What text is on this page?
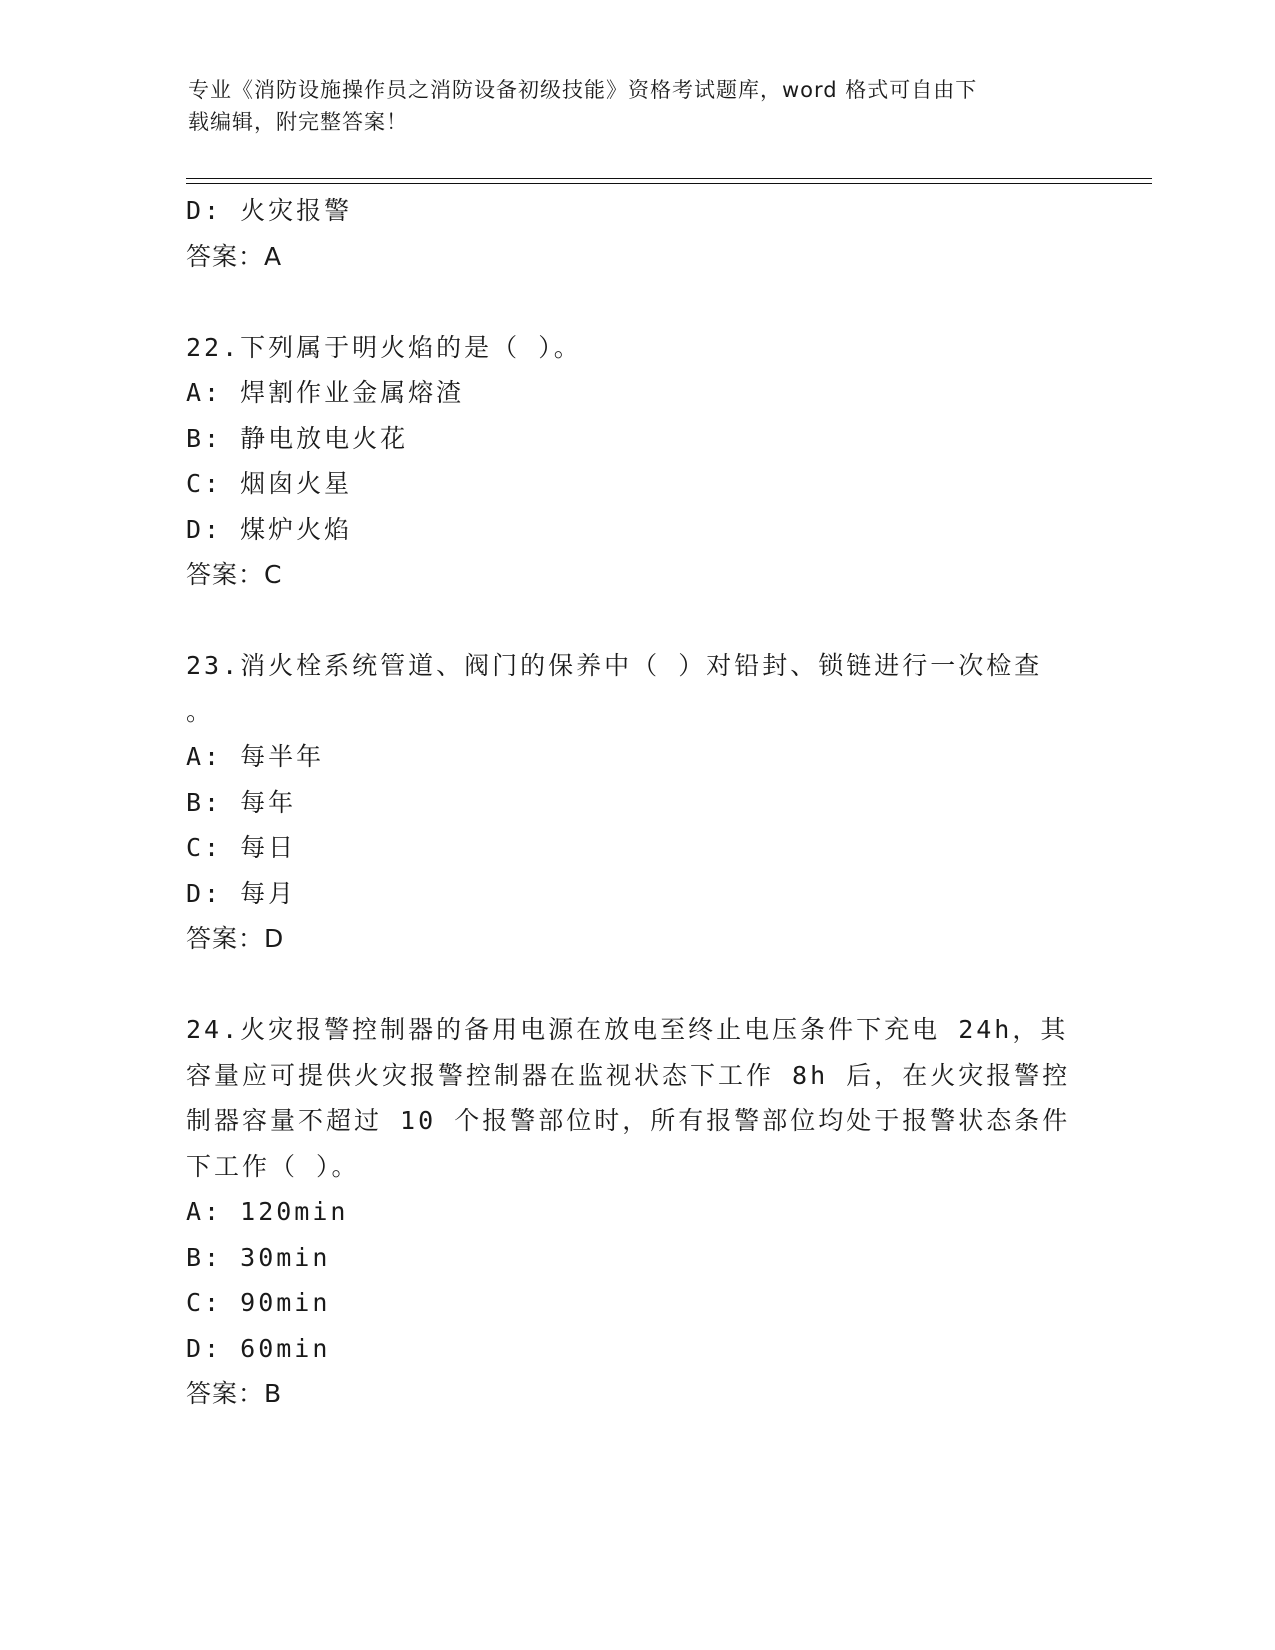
专业《消防设施操作员之消防设备初级技能》资格考试题库，word 格式可自由下
载编辑，附完整答案！
D: 火灾报警
答案：A
22.下列属于明火焰的是（ ）。
A: 焊割作业金属熔渣
B: 静电放电火花
C: 烟囱火星
D: 煤炉火焰
答案：C
23.消火栓系统管道、阀门的保养中（ ）对铅封、锁链进行一次检查
。
A: 每半年
B: 每年
C: 每日
D: 每月
答案：D
24.火灾报警控制器的备用电源在放电至终止电压条件下充电 24h，其
容量应可提供火灾报警控制器在监视状态下工作 8h 后，在火灾报警控
制器容量不超过 10 个报警部位时，所有报警部位均处于报警状态条件
下工作（ ）。
A: 120min
B: 30min
C: 90min
D: 60min
答案：B
